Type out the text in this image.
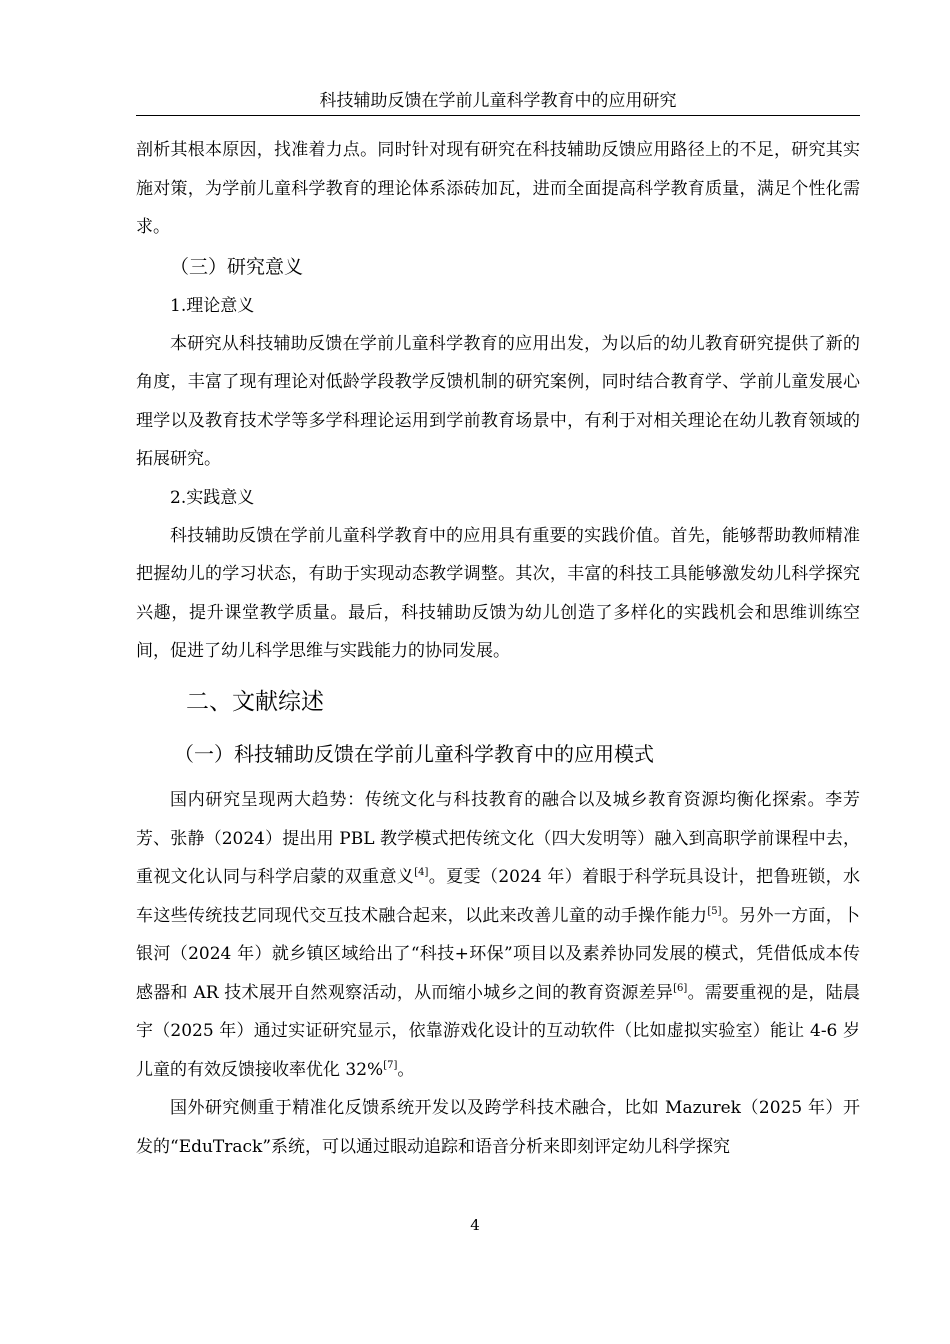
科技辅助反馈在学前儿童科学教育中的应用研究

剖析其根本原因，找准着力点。同时针对现有研究在科技辅助反馈应用路径上的不足，研究其实施对策，为学前儿童科学教育的理论体系添砖加瓦，进而全面提高科学教育质量，满足个性化需求。

（三）研究意义

1.理论意义

本研究从科技辅助反馈在学前儿童科学教育的应用出发，为以后的幼儿教育研究提供了新的角度，丰富了现有理论对低龄学段教学反馈机制的研究案例，同时结合教育学、学前儿童发展心理学以及教育技术学等多学科理论运用到学前教育场景中，有利于对相关理论在幼儿教育领域的拓展研究。

2.实践意义

科技辅助反馈在学前儿童科学教育中的应用具有重要的实践价值。首先，能够帮助教师精准把握幼儿的学习状态，有助于实现动态教学调整。其次，丰富的科技工具能够激发幼儿科学探究兴趣，提升课堂教学质量。最后，科技辅助反馈为幼儿创造了多样化的实践机会和思维训练空间，促进了幼儿科学思维与实践能力的协同发展。

二、文献综述
（一）科技辅助反馈在学前儿童科学教育中的应用模式

国内研究呈现两大趋势：传统文化与科技教育的融合以及城乡教育资源均衡化探索。李芳芳、张静（2024）提出用 PBL 教学模式把传统文化（四大发明等）融入到高职学前课程中去，重视文化认同与科学启蒙的双重意义[4]。夏雯（2024 年）着眼于科学玩具设计，把鲁班锁，水车这些传统技艺同现代交互技术融合起来，以此来改善儿童的动手操作能力[5]。另外一方面，卜银河（2024 年）就乡镇区域给出了“科技+环保”项目以及素养协同发展的模式，凭借低成本传感器和 AR 技术展开自然观察活动，从而缩小城乡之间的教育资源差异[6]。需要重视的是，陆晨宇（2025 年）通过实证研究显示，依靠游戏化设计的互动软件（比如虚拟实验室）能让 4-6 岁儿童的有效反馈接收率优化 32%[7]。

国外研究侧重于精准化反馈系统开发以及跨学科技术融合，比如 Mazurek（2025 年）开发的“EduTrack”系统，可以通过眼动追踪和语音分析来即刻评定幼儿科学探究

4
